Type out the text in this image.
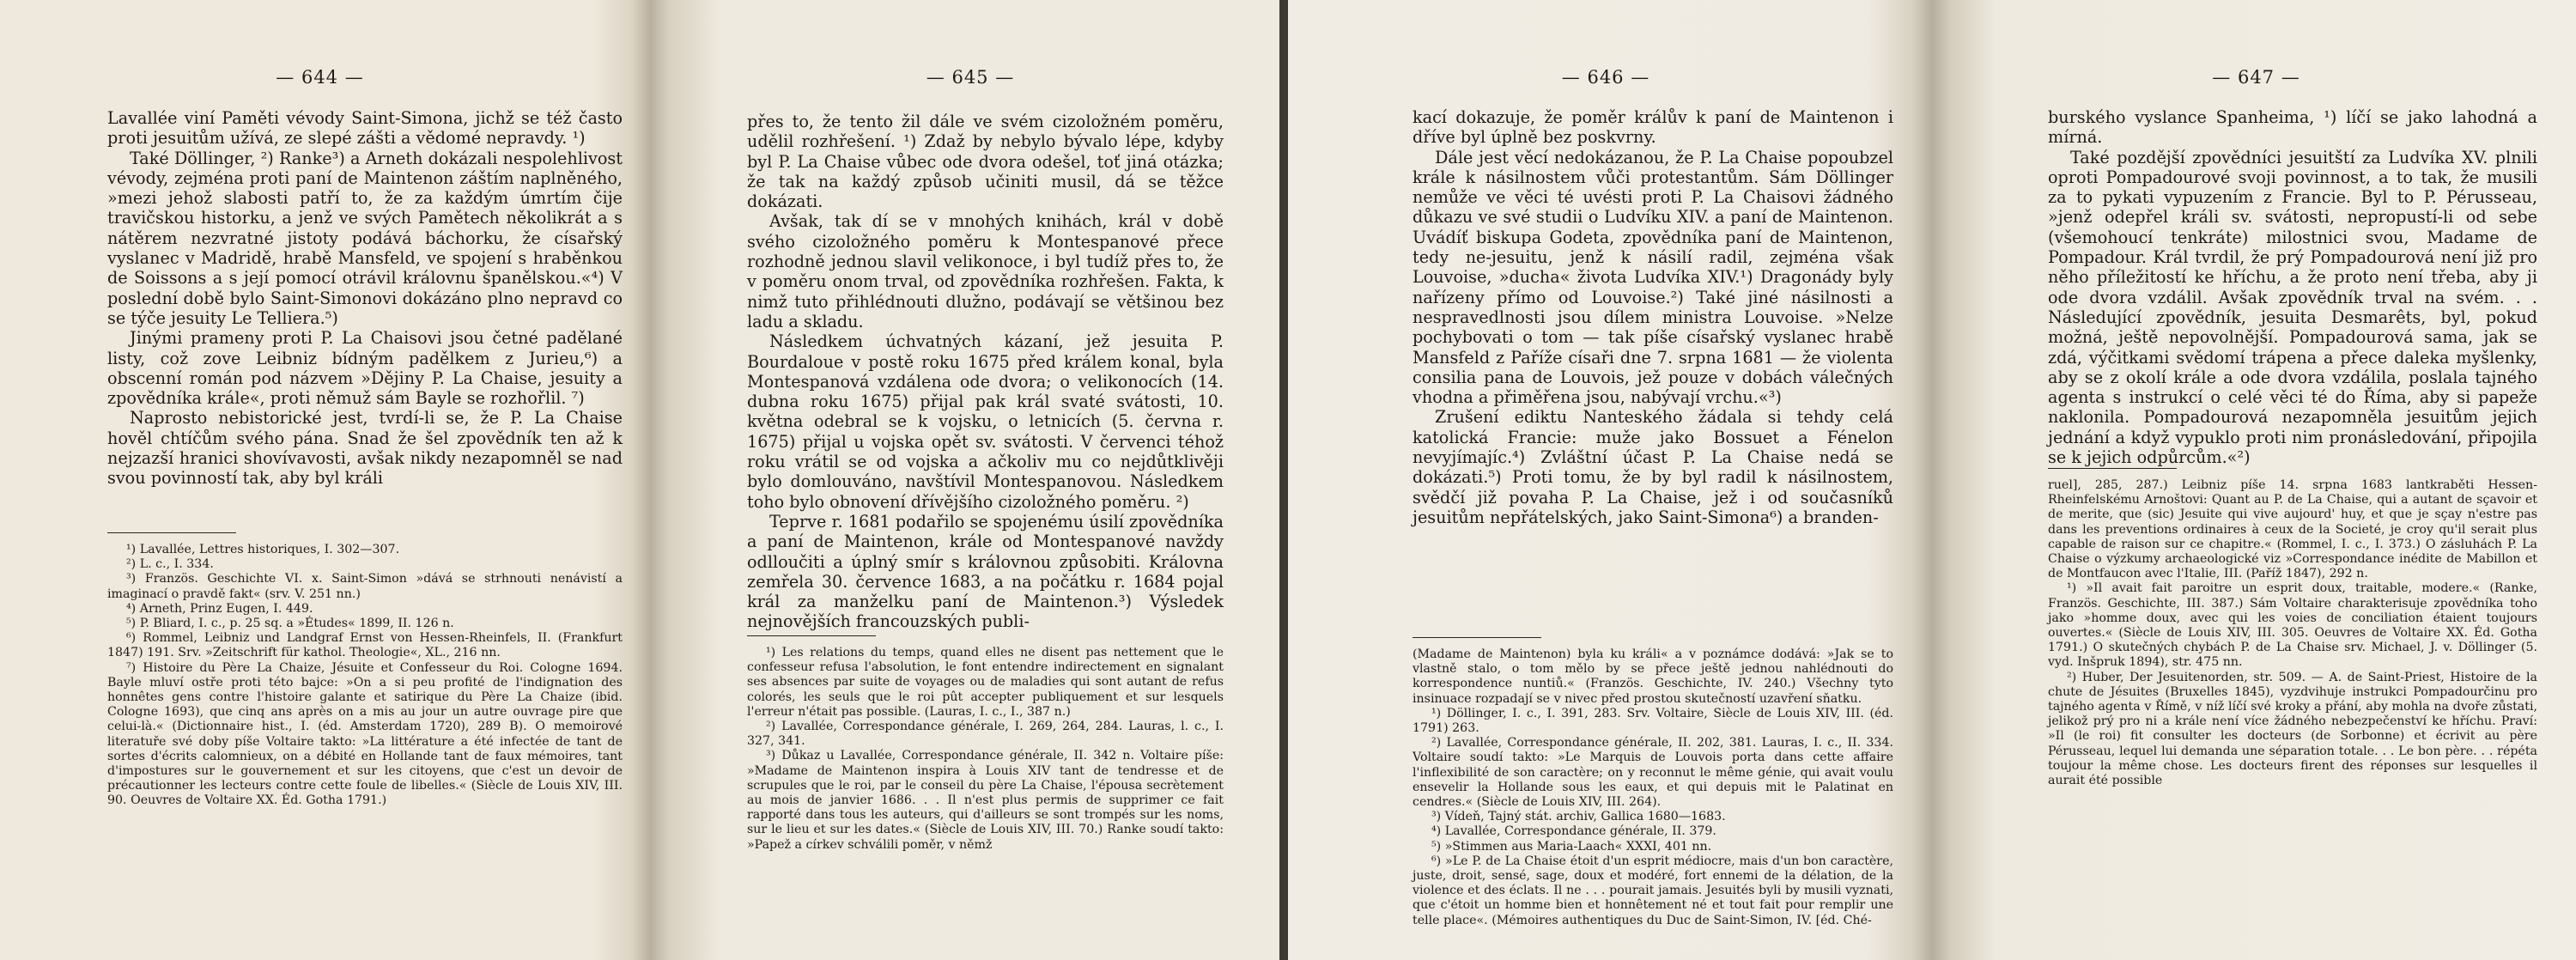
— 644 —

Lavallée viní Paměti vévody Saint-Simona, jichž se též často proti jesuitům užívá, ze slepé zášti a vědomé nepravdy. ¹)

Také Döllinger, ²) Ranke³) a Arneth dokázali nespolehlivost vévody, zejména proti paní de Maintenon záštím naplněného, »mezi jehož slabosti patří to, že za každým úmrtím čije travičskou historku, a jenž ve svých Pamětech několikrát a s nátěrem nezvratné jistoty podává báchorku, že císařský vyslanec v Madridě, hrabě Mansfeld, ve spojení s hraběnkou de Soissons a s její pomocí otrávil královnu španělskou.«⁴) V poslední době bylo Saint-Simonovi dokázáno plno nepravd co se týče jesuity Le Telliera.⁵)

Jinými prameny proti P. La Chaisovi jsou četné padělané listy, což zove Leibniz bídným padělkem z Jurieu,⁶) a obscenní román pod názvem »Dějiny P. La Chaise, jesuity a zpovědníka krále«, proti němuž sám Bayle se rozhořlil. ⁷)

Naprosto nebistorické jest, tvrdí-li se, že P. La Chaise hověl chtíčům svého pána. Snad že šel zpovědník ten až k nejzazší hranici shovívavosti, avšak nikdy nezapomněl se nad svou povinností tak, aby byl králi

¹) Lavallée, Lettres historiques, I. 302—307.

²) L. c., I. 334.

³) Französ. Geschichte VI. x. Saint-Simon »dává se strhnouti nenávistí a imaginací o pravdě fakt« (srv. V. 251 nn.)

⁴) Arneth, Prinz Eugen, I. 449.

⁵) P. Bliard, I. c., p. 25 sq. a »Études« 1899, II. 126 n.

⁶) Rommel, Leibniz und Landgraf Ernst von Hessen-Rheinfels, II. (Frankfurt 1847) 191. Srv. »Zeitschrift für kathol. Theologie«, XL., 216 nn.

⁷) Histoire du Père La Chaize, Jésuite et Confesseur du Roi. Cologne 1694. Bayle mluví ostře proti této bajce: »On a si peu profité de l'indignation des honnêtes gens contre l'histoire galante et satirique du Père La Chaize (ibid. Cologne 1693), que cinq ans après on a mis au jour un autre ouvrage pire que celui-là.« (Dictionnaire hist., I. (éd. Amsterdam 1720), 289 B). O memoirové literatuře své doby píše Voltaire takto: »La littérature a été infectée de tant de sortes d'écrits calomnieux, on a débité en Hollande tant de faux mémoires, tant d'impostures sur le gouvernement et sur les citoyens, que c'est un devoir de précautionner les lecteurs contre cette foule de libelles.« (Siècle de Louis XIV, III. 90. Oeuvres de Voltaire XX. Éd. Gotha 1791.)

— 645 —

přes to, že tento žil dále ve svém cizoložném poměru, udělil rozhřešení. ¹) Zdaž by nebylo bývalo lépe, kdyby byl P. La Chaise vůbec ode dvora odešel, toť jiná otázka; že tak na každý způsob učiniti musil, dá se těžce dokázati.

Avšak, tak dí se v mnohých knihách, král v době svého cizoložného poměru k Montespanové přece rozhodně jednou slavil velikonoce, i byl tudíž přes to, že v poměru onom trval, od zpovědníka rozhřešen. Fakta, k nimž tuto přihlédnouti dlužno, podávají se většinou bez ladu a skladu.

Následkem úchvatných kázaní, jež jesuita P. Bourdaloue v postě roku 1675 před králem konal, byla Montespanová vzdálena ode dvora; o velikonocích (14. dubna roku 1675) přijal pak král svaté svátosti, 10. května odebral se k vojsku, o letnicích (5. června r. 1675) přijal u vojska opět sv. svátosti. V červenci téhož roku vrátil se od vojska a ačkoliv mu co nejdůtklivěji bylo domlouváno, navštívil Montespanovou. Následkem toho bylo obnovení dřívějšího cizoložného poměru. ²)

Teprve r. 1681 podařilo se spojenému úsilí zpovědníka a paní de Maintenon, krále od Montespanové navždy odlloučiti a úplný smír s královnou způsobiti. Královna zemřela 30. července 1683, a na počátku r. 1684 pojal král za manželku paní de Maintenon.³) Výsledek nejnovějších francouzských publi-

¹) Les relations du temps, quand elles ne disent pas nettement que le confesseur refusa l'absolution, le font entendre indirectement en signalant ses absences par suite de voyages ou de maladies qui sont autant de refus colorés, les seuls que le roi pût accepter publiquement et sur lesquels l'erreur n'était pas possible. (Lauras, I. c., I., 387 n.)

²) Lavallée, Correspondance générale, I. 269, 264, 284. Lauras, l. c., I. 327, 341.

³) Důkaz u Lavallée, Correspondance générale, II. 342 n. Voltaire píše: »Madame de Maintenon inspira à Louis XIV tant de tendresse et de scrupules que le roi, par le conseil du père La Chaise, l'épousa secrètement au mois de janvier 1686. . . Il n'est plus permis de supprimer ce fait rapporté dans tous les auteurs, qui d'ailleurs se sont trompés sur les noms, sur le lieu et sur les dates.« (Siècle de Louis XIV, III. 70.) Ranke soudí takto: »Papež a církev schválili poměr, v němž

— 646 —

kací dokazuje, že poměr králův k paní de Maintenon i dříve byl úplně bez poskvrny.

Dále jest věcí nedokázanou, že P. La Chaise popoubzel krále k násilnostem vůči protestantům. Sám Döllinger nemůže ve věci té uvésti proti P. La Chaisovi žádného důkazu ve své studii o Ludvíku XIV. a paní de Maintenon. Uvádíť biskupa Godeta, zpovědníka paní de Maintenon, tedy ne-jesuitu, jenž k násilí radil, zejména však Louvoise, »ducha« života Ludvíka XIV.¹) Dragonády byly nařízeny přímo od Louvoise.²) Také jiné násilnosti a nespravedlnosti jsou dílem ministra Louvoise. »Nelze pochybovati o tom — tak píše císařský vyslanec hrabě Mansfeld z Paříže císaři dne 7. srpna 1681 — že violenta consilia pana de Louvois, jež pouze v dobách válečných vhodna a přiměřena jsou, nabývají vrchu.«³)

Zrušení ediktu Nanteského žádala si tehdy celá katolická Francie: muže jako Bossuet a Fénelon nevyjímajíc.⁴) Zvláštní účast P. La Chaise nedá se dokázati.⁵) Proti tomu, že by byl radil k násilnostem, svědčí již povaha P. La Chaise, jež i od současníků jesuitům nepřátelských, jako Saint-Simona⁶) a branden-

(Madame de Maintenon) byla ku králi« a v poznámce dodává: »Jak se to vlastně stalo, o tom mělo by se přece ještě jednou nahlédnouti do korrespondence nuntiů.« (Französ. Geschichte, IV. 240.) Všechny tyto insinuace rozpadají se v nivec před prostou skutečností uzavření sňatku.

¹) Döllinger, I. c., I. 391, 283. Srv. Voltaire, Siècle de Louis XIV, III. (éd. 1791) 263.

²) Lavallée, Correspondance générale, II. 202, 381. Lauras, I. c., II. 334. Voltaire soudí takto: »Le Marquis de Louvois porta dans cette affaire l'inflexibilité de son caractère; on y reconnut le même génie, qui avait voulu ensevelir la Hollande sous les eaux, et qui depuis mit le Palatinat en cendres.« (Siècle de Louis XIV, III. 264).

³) Vídeň, Tajný stát. archiv, Gallica 1680—1683.

⁴) Lavallée, Correspondance générale, II. 379.

⁵) »Stimmen aus Maria-Laach« XXXI, 401 nn.

⁶) »Le P. de La Chaise étoit d'un esprit médiocre, mais d'un bon caractère, juste, droit, sensé, sage, doux et modéré, fort ennemi de la délation, de la violence et des éclats. Il ne . . . pourait jamais. Jesuités byli by musili vyznati, que c'étoit un homme bien et honnêtement né et tout fait pour remplir une telle place«. (Mémoires authentiques du Duc de Saint-Simon, IV. [éd. Ché-

— 647 —

burského vyslance Spanheima, ¹) líčí se jako lahodná a mírná.

Také pozdější zpovědníci jesuitští za Ludvíka XV. plnili oproti Pompadourové svoji povinnost, a to tak, že musili za to pykati vypuzením z Francie. Byl to P. Pérusseau, »jenž odepřel králi sv. svátosti, nepropustí-li od sebe (všemohoucí tenkráte) milostnici svou, Madame de Pompadour. Král tvrdil, že prý Pompadourová není již pro něho příležitostí ke hříchu, a že proto není třeba, aby ji ode dvora vzdálil. Avšak zpovědník trval na svém. . . Následující zpovědník, jesuita Desmarêts, byl, pokud možná, ještě nepovolnější. Pompadourová sama, jak se zdá, výčitkami svědomí trápena a přece daleka myšlenky, aby se z okolí krále a ode dvora vzdálila, poslala tajného agenta s instrukcí o celé věci té do Říma, aby si papeže naklonila. Pompadourová nezapomněla jesuitům jejich jednání a když vypuklo proti nim pronásledování, připojila se k jejich odpůrcům.«²)

ruel], 285, 287.) Leibniz píše 14. srpna 1683 lantkraběti Hessen-Rheinfelskému Arnoštovi: Quant au P. de La Chaise, qui a autant de sçavoir et de merite, que (sic) Jesuite qui vive aujourd' huy, et que je sçay n'estre pas dans les preventions ordinaires à ceux de la Societé, je croy qu'il serait plus capable de raison sur ce chapitre.« (Rommel, I. c., I. 373.) O zásluhách P. La Chaise o výzkumy archaeologické viz »Correspondance inédite de Mabillon et de Montfaucon avec l'Italie, III. (Paříž 1847), 292 n.

¹) »Il avait fait paroitre un esprit doux, traitable, modere.« (Ranke, Französ. Geschichte, III. 387.) Sám Voltaire charakterisuje zpovědníka toho jako »homme doux, avec qui les voies de conciliation étaient toujours ouvertes.« (Siècle de Louis XIV, III. 305. Oeuvres de Voltaire XX. Éd. Gotha 1791.) O skutečných chybách P. de La Chaise srv. Michael, J. v. Döllinger (5. vyd. Inšpruk 1894), str. 475 nn.

²) Huber, Der Jesuitenorden, str. 509. — A. de Saint-Priest, Histoire de la chute de Jésuites (Bruxelles 1845), vyzdvihuje instrukci Pompadourčinu pro tajného agenta v Římě, v níž líčí své kroky a přání, aby mohla na dvoře zůstati, jelikož prý pro ni a krále není více žádného nebezpečenství ke hříchu. Praví: »Il (le roi) fit consulter les docteurs (de Sorbonne) et écrivit au père Pérusseau, lequel lui demanda une séparation totale. . . Le bon père. . . répéta toujour la même chose. Les docteurs firent des réponses sur lesquelles il aurait été possible
